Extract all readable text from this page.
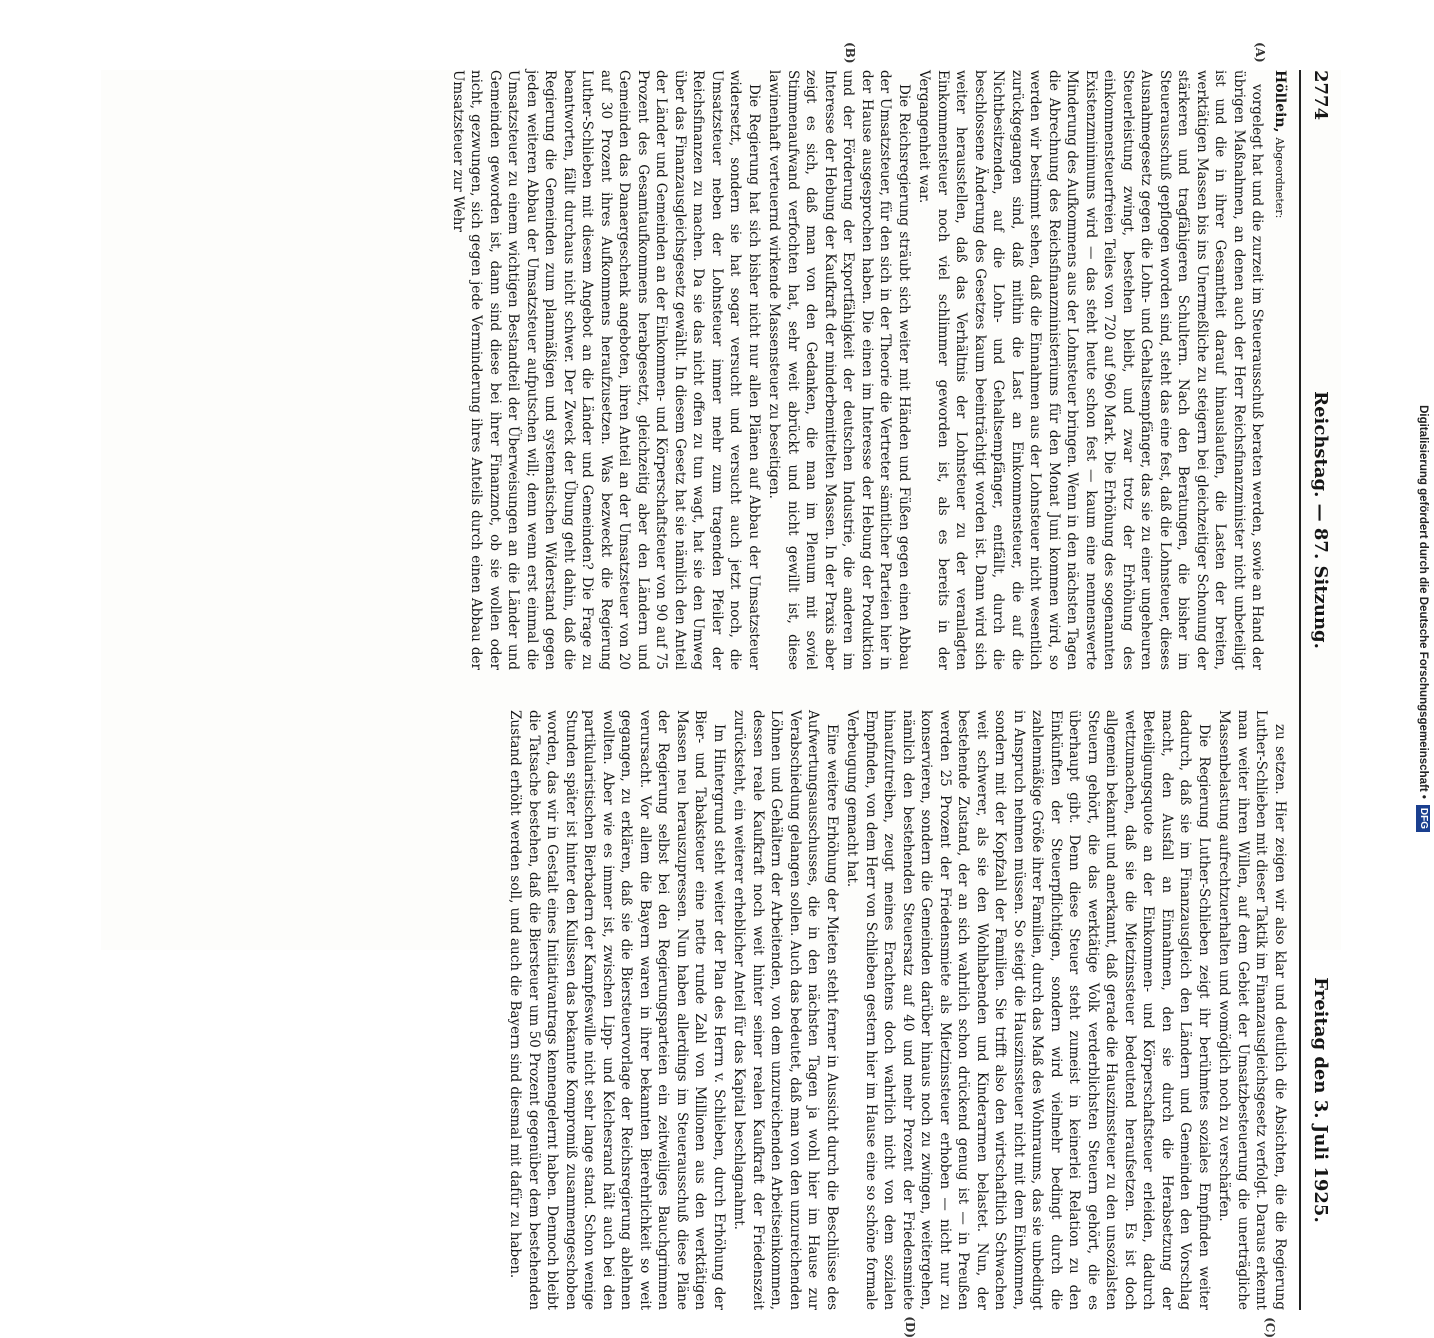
2774
Reichstag. — 87. Sitzung.
Freitag den 3. Juli 1925.
(A)
(B)
Höllein, Abgeordneter:

vorgelegt hat und die zurzeit im Steuerausschuß beraten werden, sowie an Hand der übrigen Maßnahmen, an denen auch der Herr Reichsfinanzminister nicht unbeteiligt ist und die in ihrer Gesamtheit darauf hinauslaufen, die Lasten der breiten, werktätigen Massen bis ins Unermeßliche zu steigern bei gleichzeitiger Schonung der stärkeren und tragfähigeren Schultern. Nach den Beratungen, die bisher im Steuerausschuß gepflogen worden sind, steht das eine fest, daß die Lohnsteuer, dieses Ausnahmegesetz gegen die Lohn- und Gehaltsempfänger, das sie zu einer ungeheuren Steuerleistung zwingt, bestehen bleibt, und zwar trotz der Erhöhung des einkommensteuerfreien Teiles von 720 auf 960 Mark. Die Erhöhung des sogenannten Existenzminimums wird — das steht heute schon fest — kaum eine nennenswerte Minderung des Aufkommens aus der Lohnsteuer bringen. Wenn in den nächsten Tagen die Abrechnung des Reichsfinanzministeriums für den Monat Juni kommen wird, so werden wir bestimmt sehen, daß die Einnahmen aus der Lohnsteuer nicht wesentlich zurückgegangen sind, daß mithin die Last an Einkommensteuer, die auf die Nichtbesitzenden, auf die Lohn- und Gehaltsempfänger, entfällt, durch die beschlossene Änderung des Gesetzes kaum beeinträchtigt worden ist. Dann wird sich weiter herausstellen, daß das Verhältnis der Lohnsteuer zu der veranlagten Einkommensteuer noch viel schlimmer geworden ist, als es bereits in der Vergangenheit war.

Die Reichsregierung sträubt sich weiter mit Händen und Füßen gegen einen Abbau der Umsatzsteuer, für den sich in der Theorie die Vertreter sämtlicher Parteien hier in der Hause ausgesprochen haben. Die einen im Interesse der Hebung der Produktion und der Förderung der Exportfähigkeit der deutschen Industrie, die anderen im Interesse der Hebung der Kaufkraft der minderbemittelten Massen. In der Praxis aber zeigt es sich, daß man von den Gedanken, die man im Plenum mit soviel Stimmenaufwand verfochten hat, sehr weit abrückt und nicht gewillt ist, diese lawinenhaft verteuernd wirkende Massensteuer zu beseitigen.

Die Regierung hat sich bisher nicht nur allen Plänen auf Abbau der Umsatzsteuer widersetzt, sondern sie hat sogar versucht und versucht auch jetzt noch, die Umsatzsteuer neben der Lohnsteuer immer mehr zum tragenden Pfeiler der Reichsfinanzen zu machen. Da sie das nicht offen zu tun wagt, hat sie den Umweg über das Finanzausgleichsgesetz gewählt. In diesem Gesetz hat sie nämlich den Anteil der Länder und Gemeinden an der Einkommen- und Körperschaftsteuer von 90 auf 75 Prozent des Gesamtaufkommens herabgesetzt, gleichzeitig aber den Ländern und Gemeinden das Danaergeschenk angeboten, ihren Anteil an der Umsatzsteuer von 20 auf 30 Prozent ihres Aufkommens heraufzusetzen. Was bezweckt die Regierung Luther-Schlieben mit diesem Angebot an die Länder und Gemeinden? Die Frage zu beantworten, fällt durchaus nicht schwer. Der Zweck der Übung geht dahin, daß die Regierung die Gemeinden zum planmäßigen und systematischen Widerstand gegen jeden weiteren Abbau der Umsatzsteuer aufputschen will; denn wenn erst einmal die Umsatzsteuer zu einem wichtigen Bestandteil der Überweisungen an die Länder und Gemeinden geworden ist, dann sind diese bei ihrer Finanznot, ob sie wollen oder nicht, gezwungen, sich gegen jede Verminderung ihres Anteils durch einen Abbau der Umsatzsteuer zur Wehr

(C)
(D)

zu setzen. Hier zeigen wir also klar und deutlich die Absichten, die die Regierung Luther-Schlieben mit dieser Taktik im Finanzausgleichsgesetz verfolgt. Daraus erkennt man weiter ihren Willen, auf dem Gebiet der Umsatzbesteuerung die unerträgliche Massenbelastung aufrechtzuerhalten und womöglich noch zu verschärfen.

Die Regierung Luther-Schlieben zeigt ihr berühmtes soziales Empfinden weiter dadurch, daß sie im Finanzausgleich den Ländern und Gemeinden den Vorschlag macht, den Ausfall an Einnahmen, den sie durch die Herabsetzung der Beteiligungsquote an der Einkommen- und Körperschaftsteuer erleiden, dadurch wettzumachen, daß sie die Mietzinssteuer bedeutend heraufsetzen. Es ist doch allgemein bekannt und anerkannt, daß gerade die Hauszinssteuer zu den unsozialsten Steuern gehört, die das werktätige Volk verderblichsten Steuern gehört, die es überhaupt gibt. Denn diese Steuer steht zumeist in keinerlei Relation zu den Einkünften der Steuerpflichtigen, sondern wird vielmehr bedingt durch die zahlenmäßige Größe ihrer Familien, durch das Maß des Wohnraums, das sie unbedingt in Anspruch nehmen müssen. So steigt die Hauszinssteuer nicht mit dem Einkommen, sondern mit der Kopfzahl der Familien. Sie trifft also den wirtschaftlich Schwachen weit schwerer, als sie den Wohlhabenden und Kinderarmen belastet. Nun, der bestehende Zustand, der an sich wahrlich schon drückend genug ist — in Preußen werden 25 Prozent der Friedensmiete als Mietzinssteuer erhoben — nicht nur zu konservieren, sondern die Gemeinden darüber hinaus noch zu zwingen, weitergehen, nämlich den bestehenden Steuersatz auf 40 und mehr Prozent der Friedensmiete hinaufzutreiben, zeugt meines Erachtens doch wahrlich nicht von dem sozialen Empfinden, von dem Herr von Schlieben gestern hier im Hause eine so schöne formale Verbeugung gemacht hat.

Eine weitere Erhöhung der Mieten steht ferner in Aussicht durch die Beschlüsse des Aufwertungsausschusses, die in den nächsten Tagen ja wohl hier im Hause zur Verabschiedung gelangen sollen. Auch das bedeutet, daß man von den unzureichenden Löhnen und Gehältern der Arbeitenden, von dem unzureichenden Arbeitseinkommen, dessen reale Kaufkraft noch weit hinter seiner realen Kaufkraft der Friedenszeit zurücksteht, ein weiterer erheblicher Anteil für das Kapital beschlagnahmt.

Im Hintergrund steht weiter der Plan des Herrn v. Schlieben, durch Erhöhung der Bier- und Tabaksteuer eine nette runde Zahl von Millionen aus den werktätigen Massen neu herauszupressen. Nun haben allerdings im Steuerausschuß diese Pläne der Regierung selbst bei den Regierungsparteien ein zeitweiliges Bauchgrimmen verursacht. Vor allem die Bayern waren in ihrer bekannten Bierehrlichkeit so weit gegangen, zu erklären, daß sie die Biersteuervorlage der Reichsregierung ablehnen wollten. Aber wie es immer ist, zwischen Lipp- und Kelchesrand hält auch bei den partikularistischen Bierbadern der Kampfeswille nicht sehr lange stand. Schon wenige Stunden später ist hinter den Kulissen das bekannte Kompromiß zusammengeschoben worden, das wir in Gestalt eines Initiativantrags kennengelernt haben. Dennoch bleibt die Tatsache bestehen, daß die Biersteuer um 50 Prozent gegenüber dem bestehenden Zustand erhöht werden soll, und auch die Bayern sind diesmal mit dafür zu haben.

Digitalisierung gefördert durch die Deutsche Forschungsgemeinschaft •
DFG
